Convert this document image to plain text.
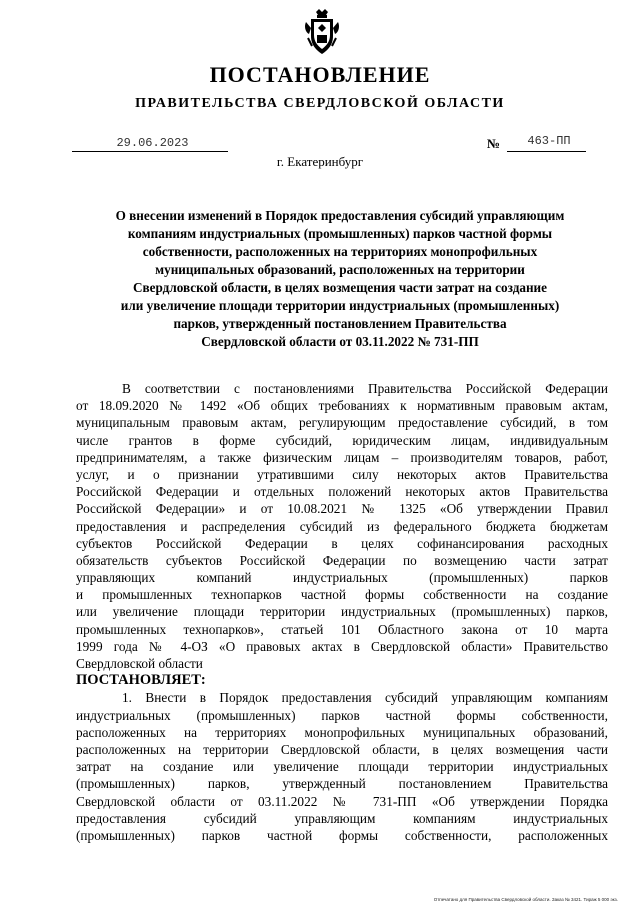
ПОСТАНОВЛЕНИЕ
ПРАВИТЕЛЬСТВА СВЕРДЛОВСКОЙ ОБЛАСТИ
29.06.2023	№	463-ПП
г. Екатеринбург
О внесении изменений в Порядок предоставления субсидий управляющим
компаниям индустриальных (промышленных) парков частной формы
собственности, расположенных на территориях монопрофильных
муниципальных образований, расположенных на территории
Свердловской области, в целях возмещения части затрат на создание
или увеличение площади территории индустриальных (промышленных)
парков, утвержденный постановлением Правительства
Свердловской области от 03.11.2022 № 731-ПП
В соответствии с постановлениями Правительства Российской Федерации
от 18.09.2020 № 1492 «Об общих требованиях к нормативным правовым актам,
муниципальным правовым актам, регулирующим предоставление субсидий, в том
числе грантов в форме субсидий, юридическим лицам, индивидуальным
предпринимателям, а также физическим лицам – производителям товаров, работ,
услуг, и о признании утратившими силу некоторых актов Правительства
Российской Федерации и отдельных положений некоторых актов Правительства
Российской Федерации» и от 10.08.2021 № 1325 «Об утверждении Правил
предоставления и распределения субсидий из федерального бюджета бюджетам
субъектов Российской Федерации в целях софинансирования расходных
обязательств субъектов Российской Федерации по возмещению части затрат
управляющих компаний индустриальных (промышленных) парков
и промышленных технопарков частной формы собственности на создание
или увеличение площади территории индустриальных (промышленных) парков,
промышленных технопарков», статьей 101 Областного закона от 10 марта
1999 года № 4-ОЗ «О правовых актах в Свердловской области» Правительство
Свердловской области
ПОСТАНОВЛЯЕТ:
1. Внести в Порядок предоставления субсидий управляющим компаниям
индустриальных (промышленных) парков частной формы собственности,
расположенных на территориях монопрофильных муниципальных образований,
расположенных на территории Свердловской области, в целях возмещения части
затрат на создание или увеличение площади территории индустриальных
(промышленных) парков, утвержденный постановлением Правительства
Свердловской области от 03.11.2022 № 731-ПП «Об утверждении Порядка
предоставления субсидий управляющим компаниям индустриальных
(промышленных) парков частной формы собственности, расположенных
Отпечатано для Правительства Свердловской области. Заказ № 3421. Тираж 5 000 экз.
